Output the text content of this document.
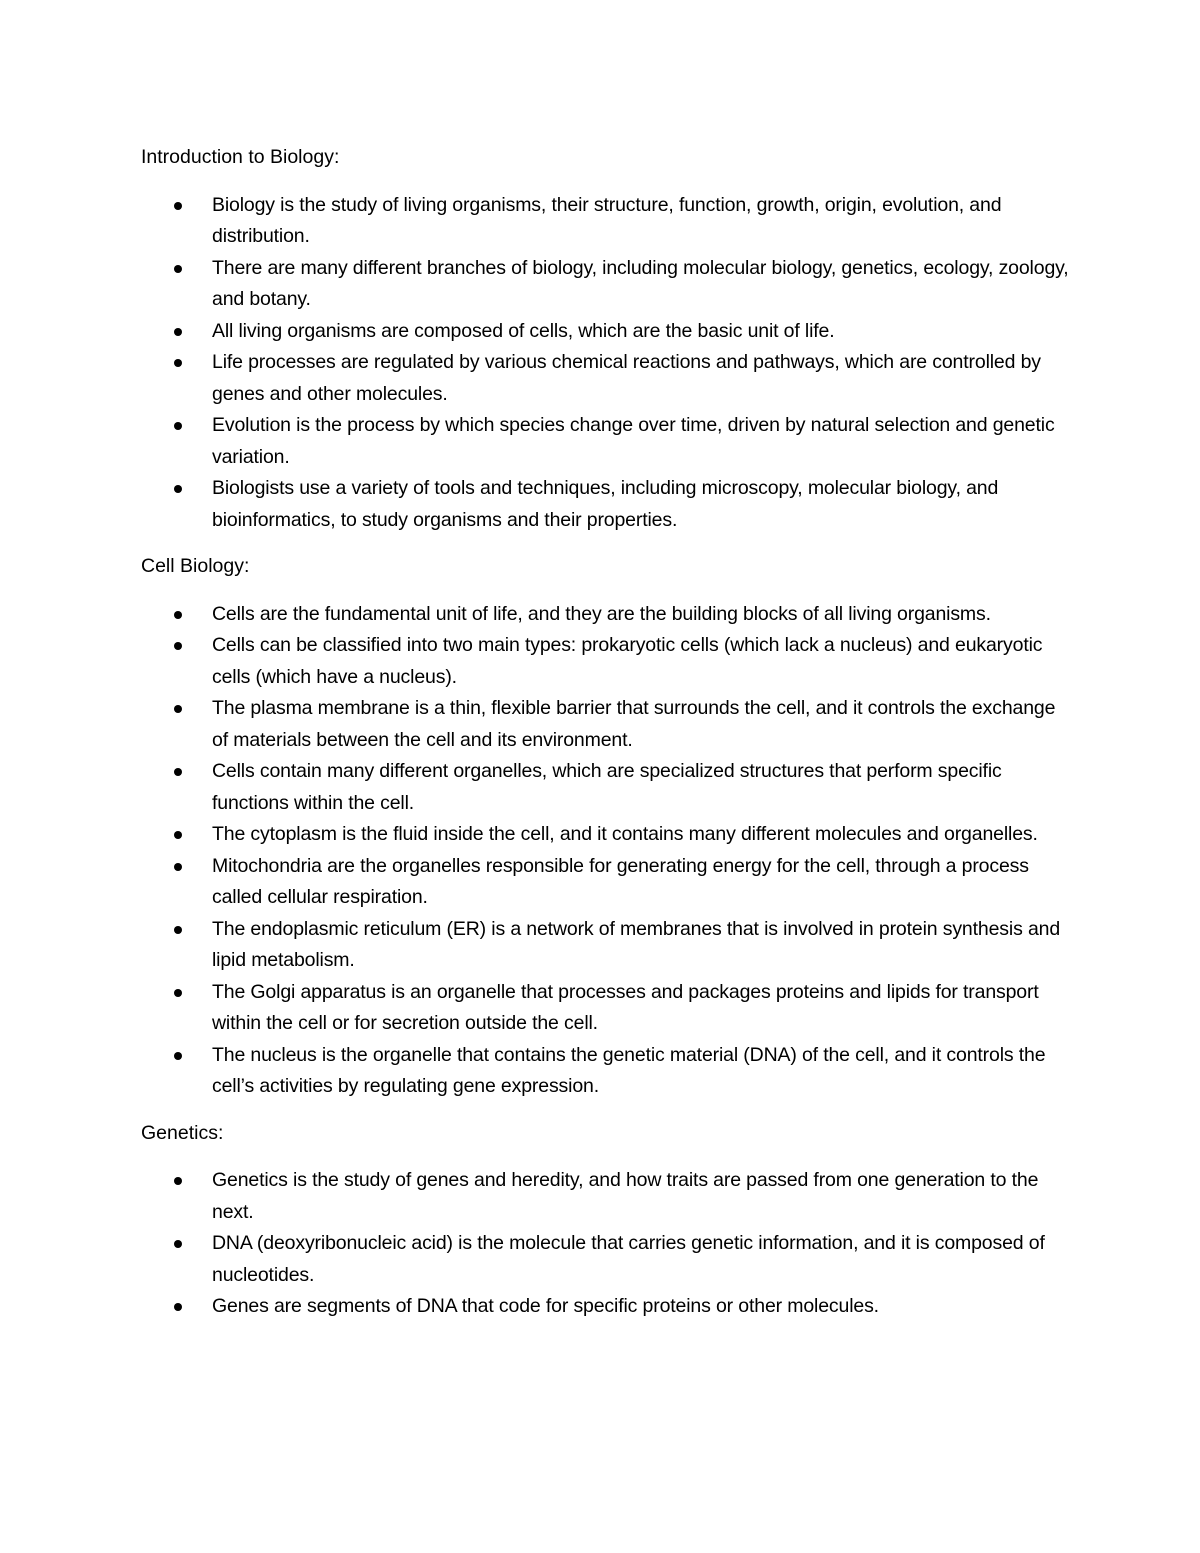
Introduction to Biology:
Biology is the study of living organisms, their structure, function, growth, origin, evolution, and distribution.
There are many different branches of biology, including molecular biology, genetics, ecology, zoology, and botany.
All living organisms are composed of cells, which are the basic unit of life.
Life processes are regulated by various chemical reactions and pathways, which are controlled by genes and other molecules.
Evolution is the process by which species change over time, driven by natural selection and genetic variation.
Biologists use a variety of tools and techniques, including microscopy, molecular biology, and bioinformatics, to study organisms and their properties.
Cell Biology:
Cells are the fundamental unit of life, and they are the building blocks of all living organisms.
Cells can be classified into two main types: prokaryotic cells (which lack a nucleus) and eukaryotic cells (which have a nucleus).
The plasma membrane is a thin, flexible barrier that surrounds the cell, and it controls the exchange of materials between the cell and its environment.
Cells contain many different organelles, which are specialized structures that perform specific functions within the cell.
The cytoplasm is the fluid inside the cell, and it contains many different molecules and organelles.
Mitochondria are the organelles responsible for generating energy for the cell, through a process called cellular respiration.
The endoplasmic reticulum (ER) is a network of membranes that is involved in protein synthesis and lipid metabolism.
The Golgi apparatus is an organelle that processes and packages proteins and lipids for transport within the cell or for secretion outside the cell.
The nucleus is the organelle that contains the genetic material (DNA) of the cell, and it controls the cell’s activities by regulating gene expression.
Genetics:
Genetics is the study of genes and heredity, and how traits are passed from one generation to the next.
DNA (deoxyribonucleic acid) is the molecule that carries genetic information, and it is composed of nucleotides.
Genes are segments of DNA that code for specific proteins or other molecules.
